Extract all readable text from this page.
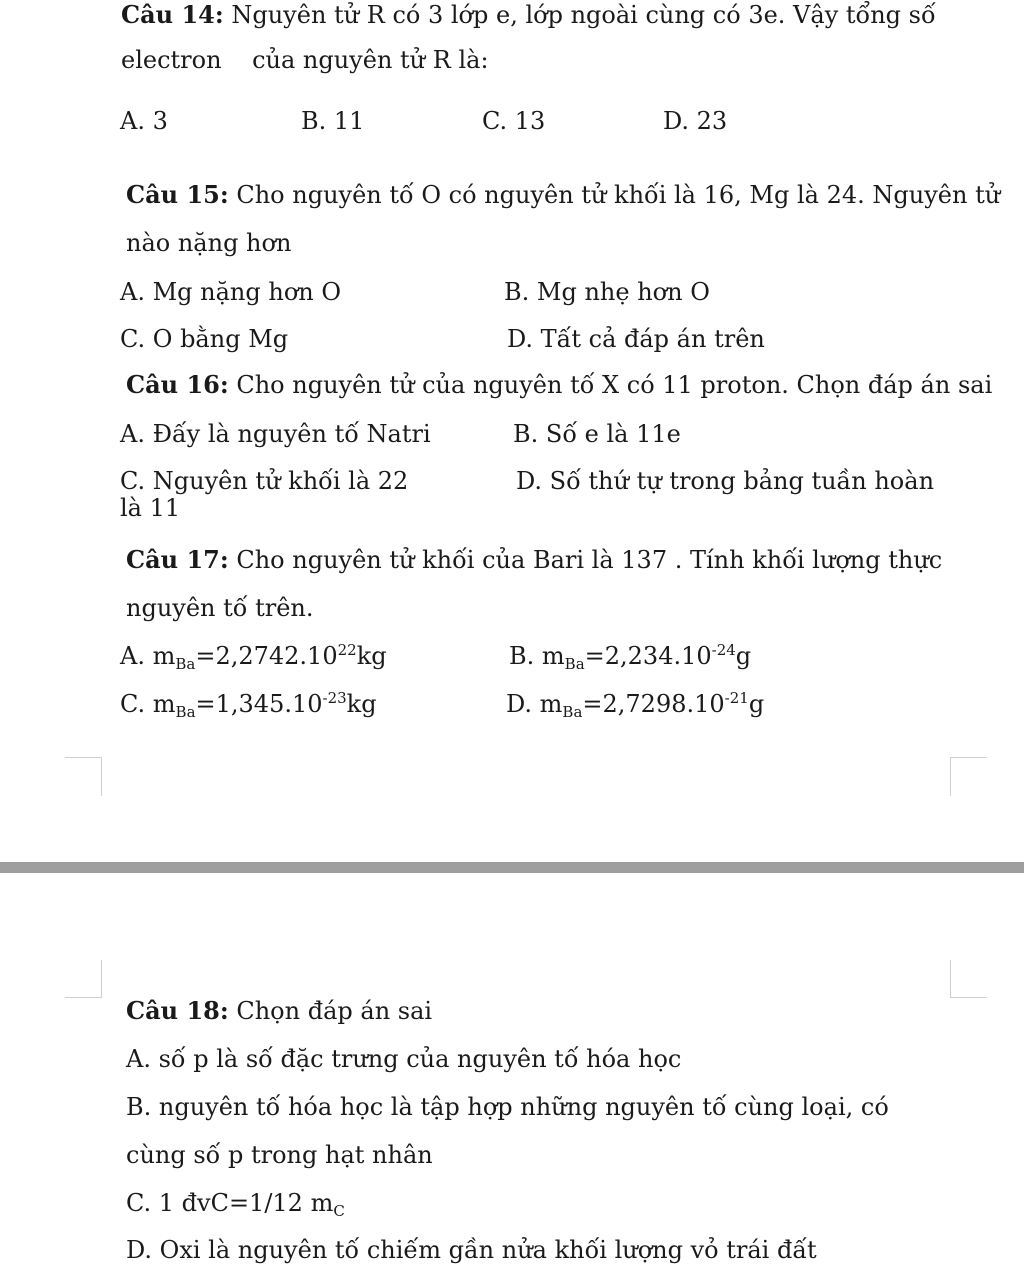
Câu 14: Nguyên tử R có 3 lớp e, lớp ngoài cùng có 3e. Vậy tổng số
electron    của nguyên tử R là:
A. 3	B. 11	C. 13	D. 23
Câu 15: Cho nguyên tố O có nguyên tử khối là 16, Mg là 24. Nguyên tử
nào nặng hơn
A. Mg nặng hơn O	B. Mg nhẹ hơn O
C. O bằng Mg	D. Tất cả đáp án trên
Câu 16: Cho nguyên tử của nguyên tố X có 11 proton. Chọn đáp án sai
A. Đấy là nguyên tố Natri	B. Số e là 11e
C. Nguyên tử khối là 22	D. Số thứ tự trong bảng tuần hoàn
là 11
Câu 17: Cho nguyên tử khối của Bari là 137 . Tính khối lượng thực
nguyên tố trên.
A. $m_{Ba}=2,2742.10^{22}kg$	B. $m_{Ba}=2,234.10^{-24}g$
C. $m_{Ba}=1,345.10^{-23}kg$	D. $m_{Ba}=2,7298.10^{-21}g$
Câu 18: Chọn đáp án sai
A. số p là số đặc trưng của nguyên tố hóa học
B. nguyên tố hóa học là tập hợp những nguyên tố cùng loại, có
cùng số p trong hạt nhân
C. 1 đvC=1/12 $m_C$
D. Oxi là nguyên tố chiếm gần nửa khối lượng vỏ trái đất
